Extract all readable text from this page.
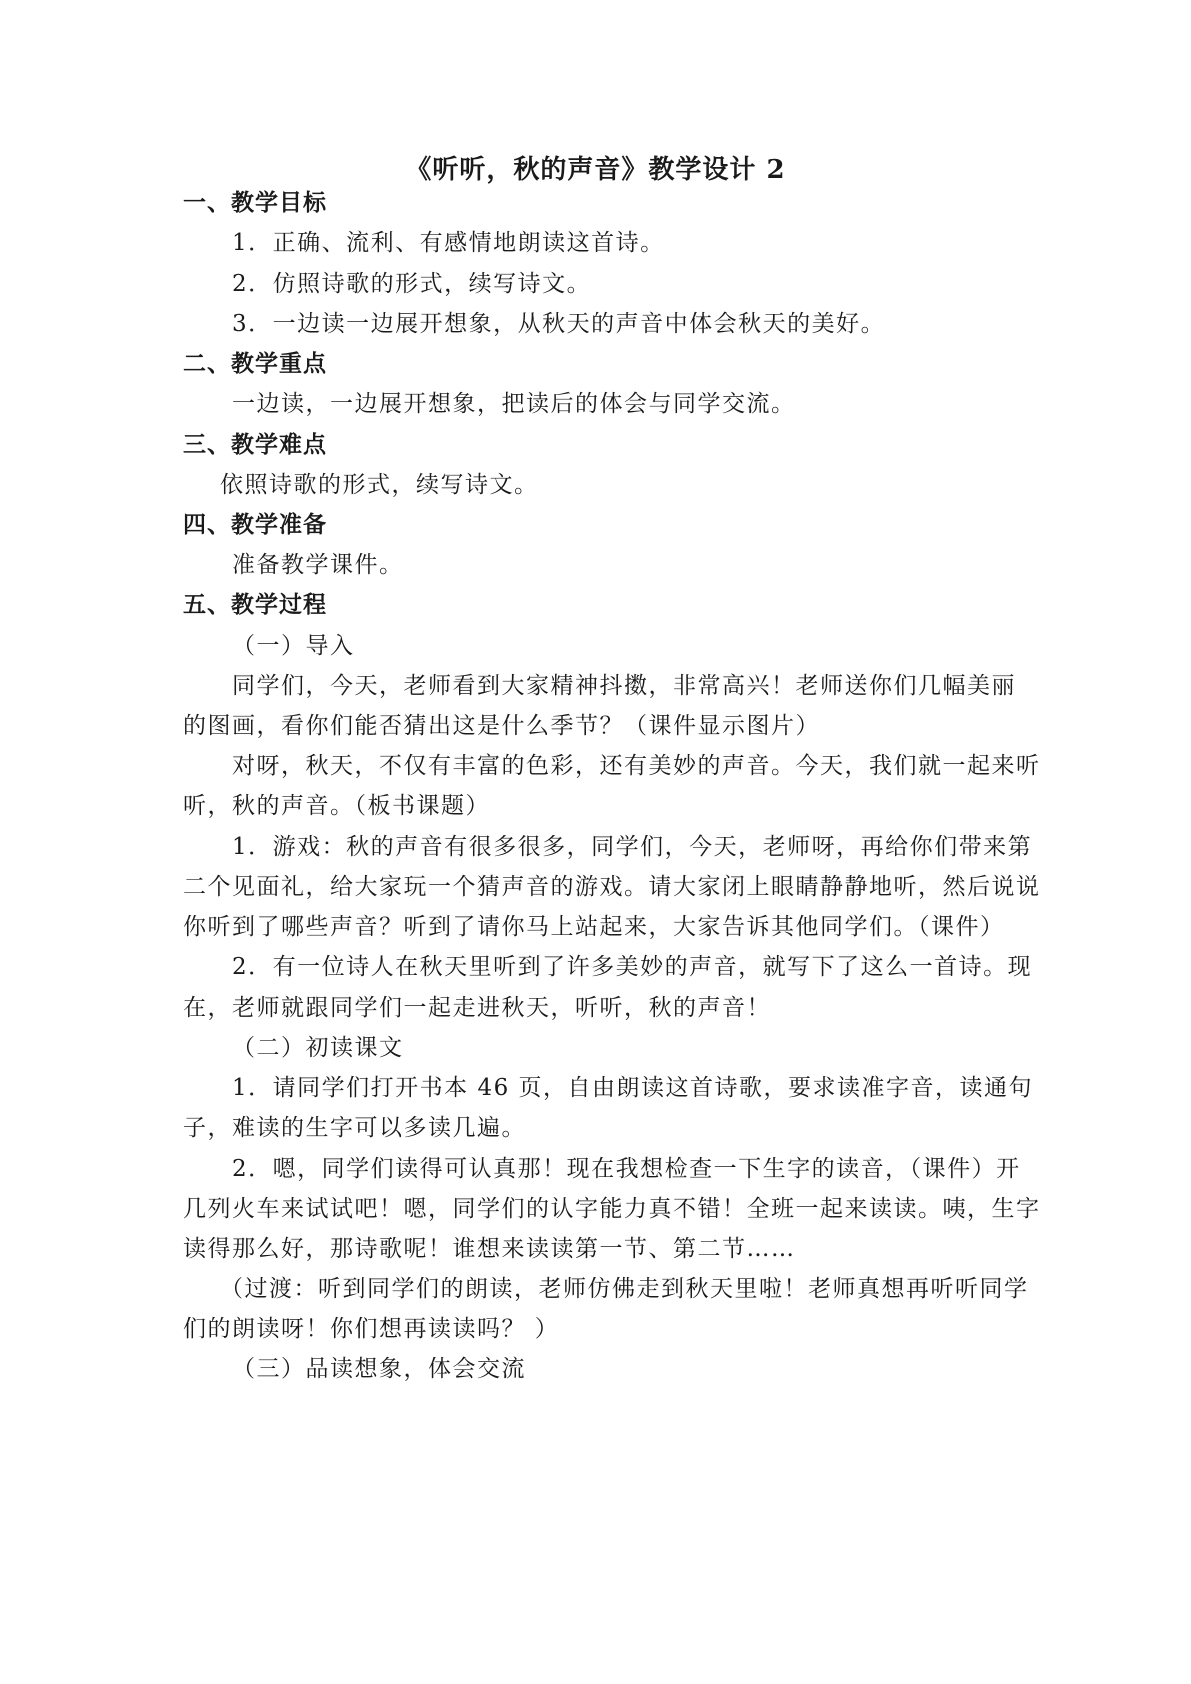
《听听，秋的声音》教学设计 2
一、教学目标
1．正确、流利、有感情地朗读这首诗。
2．仿照诗歌的形式，续写诗文。
3．一边读一边展开想象，从秋天的声音中体会秋天的美好。
二、教学重点
一边读，一边展开想象，把读后的体会与同学交流。
三、教学难点
依照诗歌的形式，续写诗文。
四、教学准备
准备教学课件。
五、教学过程
（一）导入
同学们，今天，老师看到大家精神抖擞，非常高兴！老师送你们几幅美丽
的图画，看你们能否猜出这是什么季节？（课件显示图片）
对呀，秋天，不仅有丰富的色彩，还有美妙的声音。今天，我们就一起来听
听，秋的声音。（板书课题）
1．游戏：秋的声音有很多很多，同学们，今天，老师呀，再给你们带来第
二个见面礼，给大家玩一个猜声音的游戏。请大家闭上眼睛静静地听，然后说说
你听到了哪些声音？听到了请你马上站起来，大家告诉其他同学们。（课件）
2．有一位诗人在秋天里听到了许多美妙的声音，就写下了这么一首诗。现
在，老师就跟同学们一起走进秋天，听听，秋的声音！
（二）初读课文
1．请同学们打开书本 46 页，自由朗读这首诗歌，要求读准字音，读通句
子，难读的生字可以多读几遍。
2．嗯，同学们读得可认真那！现在我想检查一下生字的读音，（课件）开
几列火车来试试吧！嗯，同学们的认字能力真不错！全班一起来读读。咦，生字
读得那么好，那诗歌呢！谁想来读读第一节、第二节……
（过渡：听到同学们的朗读，老师仿佛走到秋天里啦！老师真想再听听同学
们的朗读呀！你们想再读读吗？ ）
（三）品读想象，体会交流
